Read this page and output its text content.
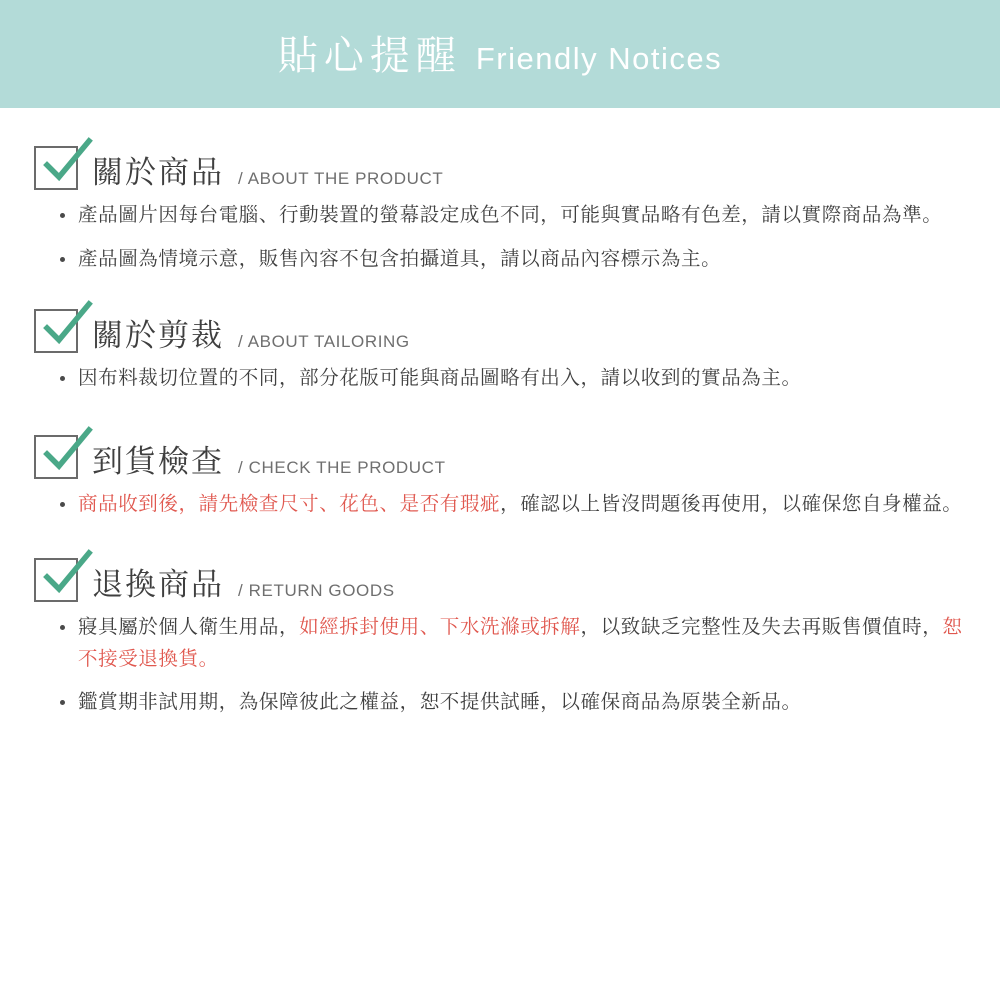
貼心提醒 Friendly Notices
關於商品 / ABOUT THE PRODUCT
產品圖片因每台電腦、行動裝置的螢幕設定成色不同，可能與實品略有色差，請以實際商品為準。
產品圖為情境示意，販售內容不包含拍攝道具，請以商品內容標示為主。
關於剪裁 / ABOUT TAILORING
因布料裁切位置的不同，部分花版可能與商品圖略有出入，請以收到的實品為主。
到貨檢查 / CHECK THE PRODUCT
商品收到後，請先檢查尺寸、花色、是否有瑕疵，確認以上皆沒問題後再使用，以確保您自身權益。
退換商品 / RETURN GOODS
寢具屬於個人衛生用品，如經拆封使用、下水洗滌或拆解，以致缺乏完整性及失去再販售價值時，恕不接受退換貨。
鑑賞期非試用期，為保障彼此之權益，恕不提供試睡，以確保商品為原裝全新品。
